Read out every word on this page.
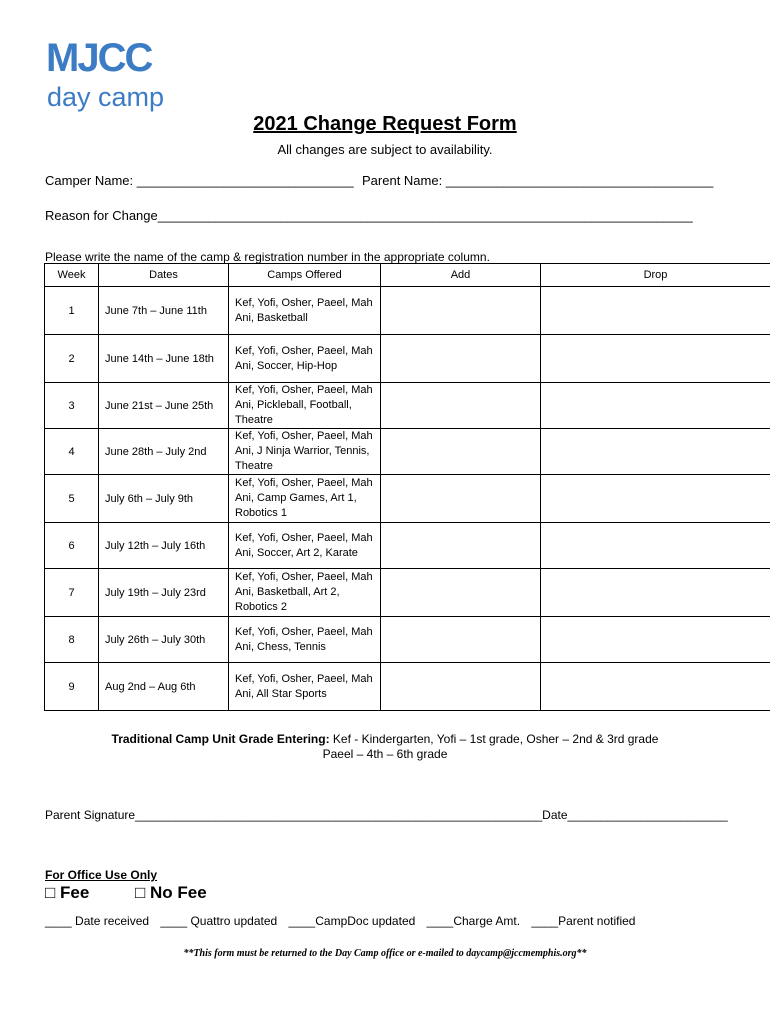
MJCC
day camp
2021 Change Request Form
All changes are subject to availability.
Camper Name: ______________________________ Parent Name: _____________________________________
Reason for Change__________________________________________________________________________
Please write the name of the camp & registration number in the appropriate column.
Week	Dates	Camps Offered	Add	Drop
1	June 7th – June 11th	Kef, Yofi, Osher, Paeel, Mah Ani, Basketball		
2	June 14th – June 18th	Kef, Yofi, Osher, Paeel, Mah Ani, Soccer, Hip-Hop		
3	June 21st – June 25th	Kef, Yofi, Osher, Paeel, Mah Ani, Pickleball, Football, Theatre		
4	June 28th – July 2nd	Kef, Yofi, Osher, Paeel, Mah Ani, J Ninja Warrior, Tennis, Theatre		
5	July 6th – July 9th	Kef, Yofi, Osher, Paeel, Mah Ani, Camp Games, Art 1, Robotics 1		
6	July 12th – July 16th	Kef, Yofi, Osher, Paeel, Mah Ani, Soccer, Art 2, Karate		
7	July 19th – July 23rd	Kef, Yofi, Osher, Paeel, Mah Ani, Basketball, Art 2, Robotics 2		
8	July 26th – July 30th	Kef, Yofi, Osher, Paeel, Mah Ani, Chess, Tennis		
9	Aug 2nd – Aug 6th	Kef, Yofi, Osher, Paeel, Mah Ani, All Star Sports		
Traditional Camp Unit Grade Entering: Kef - Kindergarten, Yofi – 1st grade, Osher – 2nd & 3rd grade
Paeel – 4th – 6th grade
Parent Signature_____________________________________________________________Date________________________
For Office Use Only
□ Fee	□ No Fee
____ Date received ____ Quattro updated ____CampDoc updated ____Charge Amt. ____Parent notified
**This form must be returned to the Day Camp office or e-mailed to daycamp@jccmemphis.org**
